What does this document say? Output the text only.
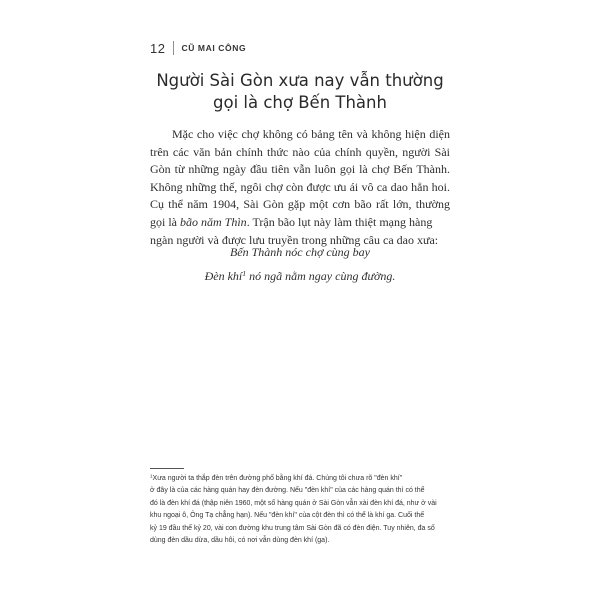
12 CŨ MAI CÔNG
Người Sài Gòn xưa nay vẫn thường
gọi là chợ Bến Thành
Mặc cho việc chợ không có bảng tên và không hiện diện
trên các văn bản chính thức nào của chính quyền, người Sài
Gòn từ những ngày đầu tiên vẫn luôn gọi là chợ Bến Thành.
Không những thế, ngôi chợ còn được ưu ái vô ca dao hẳn hoi.
Cụ thể năm 1904, Sài Gòn gặp một cơn bão rất lớn, thường
gọi là bão năm Thìn. Trận bão lụt này làm thiệt mạng hàng
ngàn người và được lưu truyền trong những câu ca dao xưa:
Bến Thành nóc chợ cùng bay
Đèn khí$^1$ nó ngã nằm ngay cùng đường.
$^1$Xưa người ta thắp đèn trên đường phố bằng khí đá. Chúng tôi chưa rõ "đèn khí"
ở đây là của các hàng quán hay đèn đường. Nếu "đèn khí" của các hàng quán thì có thể
đó là đèn khí đá (thập niên 1960, một số hàng quán ở Sài Gòn vẫn xài đèn khí đá, như ở vài
khu ngoại ô, Ông Tạ chẳng hạn). Nếu "đèn khí" của cột đèn thì có thể là khí ga. Cuối thế
kỷ 19 đầu thế kỷ 20, vài con đường khu trung tâm Sài Gòn đã có đèn điện. Tuy nhiên, đa số
dùng đèn dầu dừa, dầu hôi, có nơi vẫn dùng đèn khí (ga).
